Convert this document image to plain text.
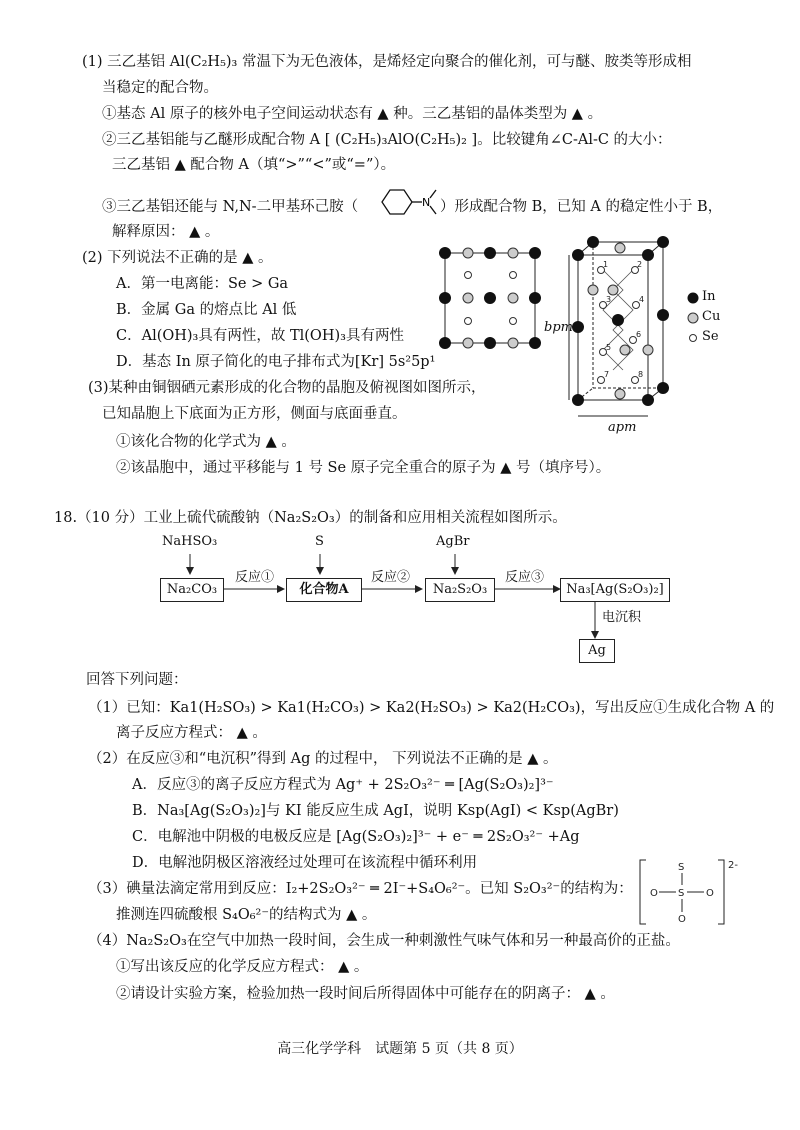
(1) 三乙基铝 Al(C₂H₅)₃ 常温下为无色液体，是烯烃定向聚合的催化剂，可与醚、胺类等形成相
当稳定的配合物。
①基态 Al 原子的核外电子空间运动状态有 ▲ 种。三乙基铝的晶体类型为 ▲ 。
②三乙基铝能与乙醚形成配合物 A [ (C₂H₅)₃AlO(C₂H₅)₂ ]。比较键角∠C-Al-C 的大小：
三乙基铝 ▲ 配合物 A（填“>”“<”或“=”）。
③三乙基铝还能与 N,N-二甲基环己胺（	N ）形成配合物 B，已知 A 的稳定性小于 B，
解释原因： ▲ 。
(2) 下列说法不正确的是 ▲ 。
A．第一电离能：Se > Ga
B．金属 Ga 的熔点比 Al 低
C．Al(OH)₃具有两性，故 Tl(OH)₃具有两性
D．基态 In 原子简化的电子排布式为[Kr] 5s²5p¹
(3)某种由铜铟硒元素形成的化合物的晶胞及俯视图如图所示，
已知晶胞上下底面为正方形，侧面与底面垂直。
①该化合物的化学式为 ▲ 。
②该晶胞中，通过平移能与 1 号 Se 原子完全重合的原子为 ▲ 号（填序号）。
1	2
3	4
5
6
7	8
bpm
apm
In
Cu
Se
18.（10 分）工业上硫代硫酸钠（Na₂S₂O₃）的制备和应用相关流程如图所示。
NaHSO₃	S	AgBr
Na₂CO₃	化合物A	Na₂S₂O₃	Na₃[Ag(S₂O₃)₂]
Ag
反应①	反应②	反应③
电沉积
回答下列问题：
（1）已知：Ka1(H₂SO₃) > Ka1(H₂CO₃) > Ka2(H₂SO₃) > Ka2(H₂CO₃)，写出反应①生成化合物 A 的
离子反应方程式： ▲ 。
（2）在反应③和“电沉积”得到 Ag 的过程中， 下列说法不正确的是 ▲ 。
A．反应③的离子反应方程式为 Ag⁺ + 2S₂O₃²⁻ ═ [Ag(S₂O₃)₂]³⁻
B．Na₃[Ag(S₂O₃)₂]与 KI 能反应生成 AgI，说明 Ksp(AgI) < Ksp(AgBr)
C．电解池中阴极的电极反应是 [Ag(S₂O₃)₂]³⁻ + e⁻ ═ 2S₂O₃²⁻ +Ag
D．电解池阴极区溶液经过处理可在该流程中循环利用
（3）碘量法滴定常用到反应：I₂+2S₂O₃²⁻ ═ 2I⁻+S₄O₆²⁻。已知 S₂O₃²⁻的结构为：
推测连四硫酸根 S₄O₆²⁻的结构式为 ▲ 。
S
O S O
O
2-
（4）Na₂S₂O₃在空气中加热一段时间，会生成一种刺激性气味气体和另一种最高价的正盐。
①写出该反应的化学反应方程式： ▲ 。
②请设计实验方案，检验加热一段时间后所得固体中可能存在的阴离子： ▲ 。
高三化学学科　试题第 5 页（共 8 页）
